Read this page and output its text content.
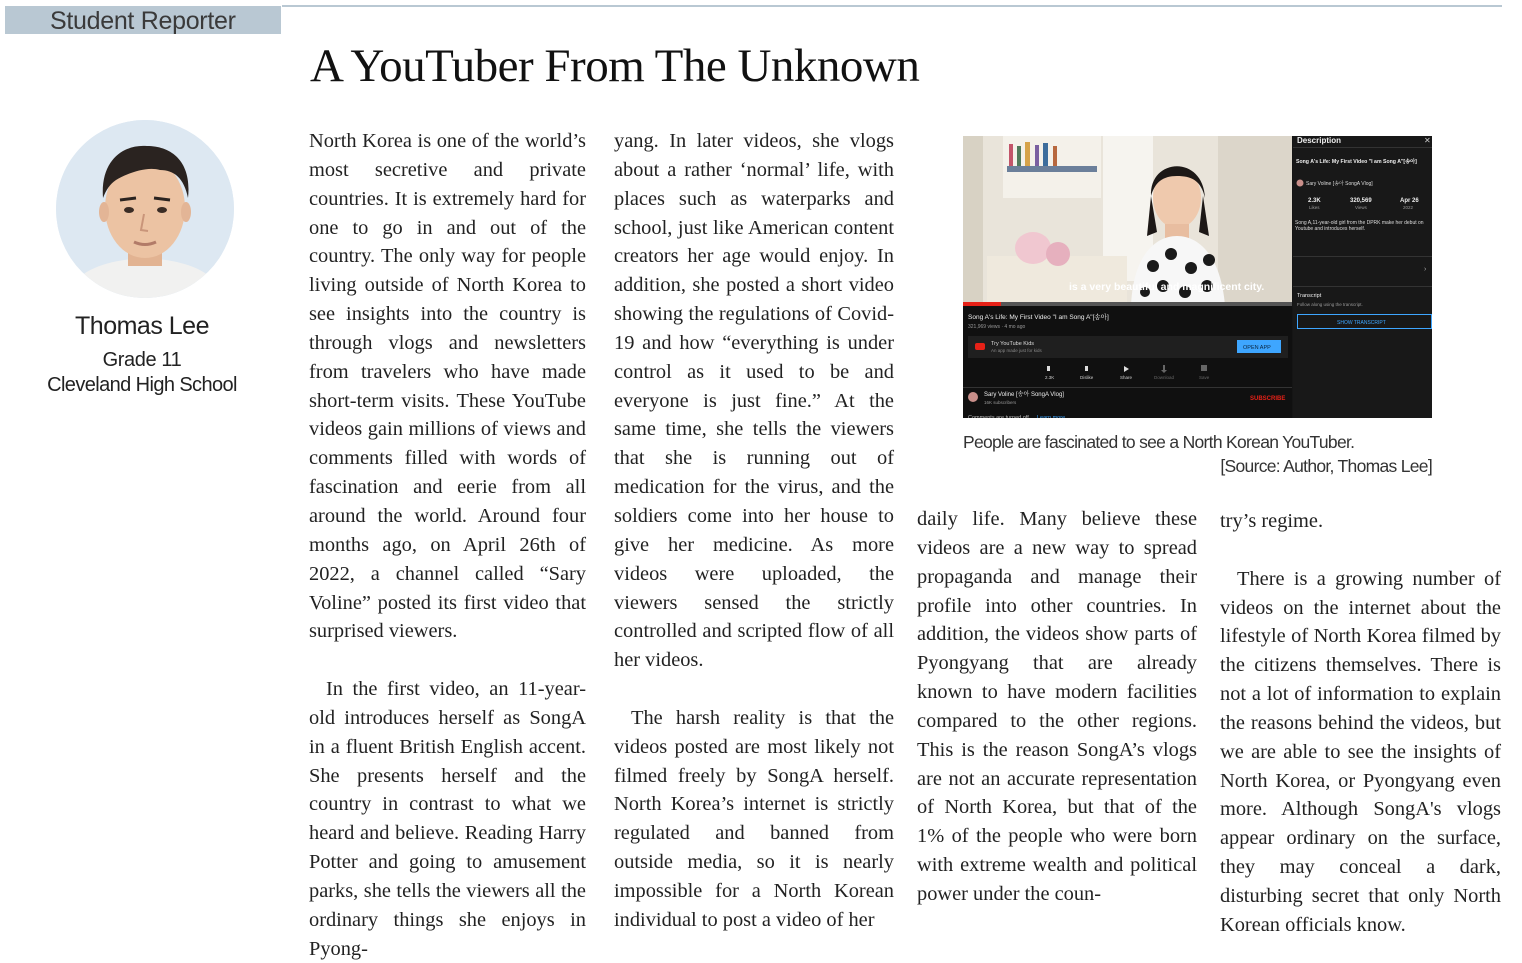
Student Reporter
A YouTuber From The Unknown
Thomas Lee
Grade 11
Cleveland High School

North Korea is one of the world’s most secretive and private countries. It is extremely hard for one to go in and out of the country. The only way for people living outside of North Korea to see insights into the country is through vlogs and newsletters from travelers who have made short-term visits. These YouTube videos gain millions of views and comments filled with words of fascination and eerie from all around the world. Around four months ago, on April 26th of 2022, a channel called “Sary Voline” posted its first video that surprised viewers.

In the first video, an 11-year-old introduces herself as SongA in a fluent British English accent. She presents herself and the country in contrast to what we heard and believe. Reading Harry Potter and going to amusement parks, she tells the viewers all the ordinary things she enjoys in Pyong-

yang. In later videos, she vlogs about a rather ‘normal’ life, with places such as waterparks and school, just like American content creators her age would enjoy. In addition, she posted a short video showing the regulations of Covid-19 and how “everything is under control as it used to be and everyone is just fine.” At the same time, she tells the viewers that she is running out of medication for the virus, and the soldiers come into her house to give her medicine. As more videos were uploaded, the viewers sensed the strictly controlled and scripted flow of all her videos.

The harsh reality is that the videos posted are most likely not filmed freely by SongA herself. North Korea’s internet is strictly regulated and banned from outside media, so it is nearly impossible for a North Korean individual to post a video of her

daily life. Many believe these videos are a new way to spread propaganda and manage their profile into other countries. In addition, the videos show parts of Pyongyang that are already known to have modern facilities compared to the other regions. This is the reason SongA’s vlogs are not an accurate representation of North Korea, but that of the 1% of the people who were born with extreme wealth and political power under the coun-

try’s regime.

There is a growing number of videos on the internet about the lifestyle of North Korea filmed by the citizens themselves. There is not a lot of information to explain the reasons behind the videos, but we are able to see the insights of North Korea, or Pyongyang even more. Although SongA's vlogs appear ordinary on the surface, they may conceal a dark, disturbing secret that only North Korean officials know.

is a very beautiful and magnificent city.
Song A's Life: My First Video "I am Song A"[송아]
321,969 views · 4 mo ago
Try YouTube Kids
An app made just for kids	OPEN APP
2.3K	Dislike	Share	Download	Save
Sary Voline [송아 SongA Vlog]
16K subscribers
SUBSCRIBE
Comments are turned off. Learn more
Description	✕
Song A's Life: My First Video "I am Song A"[송아]
Sary Voline [송아 SongA Vlog]
2.3K
Likes
320,569
Views
Apr 26
2022
Song A,11-year-old girl from the DPRK make her debut on Youtube and introduces herself.
›
Transcript
Follow along using the transcript.
SHOW TRANSCRIPT
People are fascinated to see a North Korean YouTuber.
[Source: Author, Thomas Lee]
